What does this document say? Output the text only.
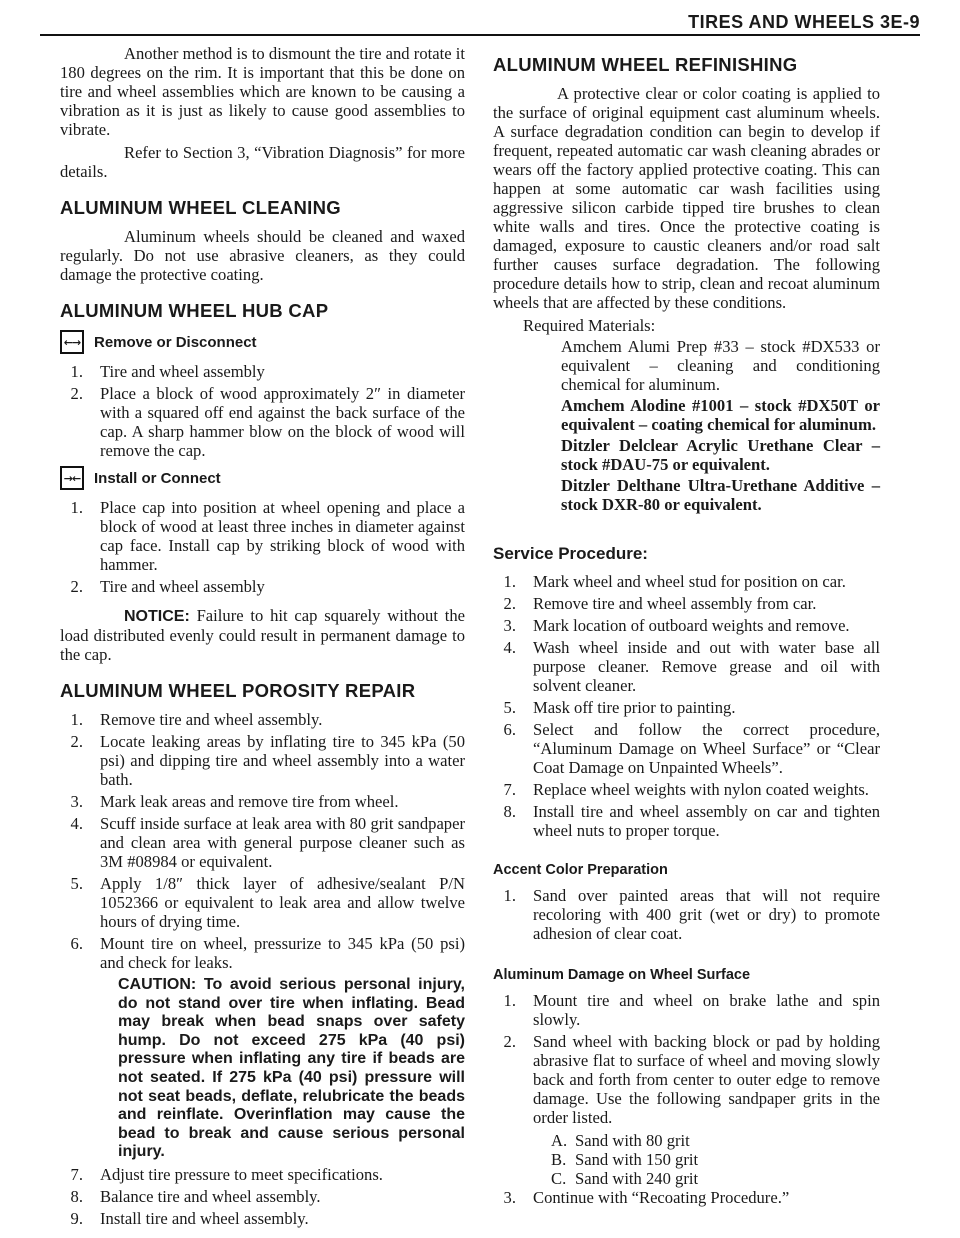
TIRES AND WHEELS 3E-9

Another method is to dismount the tire and rotate it 180 degrees on the rim. It is important that this be done on tire and wheel assemblies which are known to be causing a vibration as it is just as likely to cause good assemblies to vibrate.

Refer to Section 3, “Vibration Diagnosis” for more details.

ALUMINUM WHEEL CLEANING

Aluminum wheels should be cleaned and waxed regularly. Do not use abrasive cleaners, as they could damage the protective coating.

ALUMINUM WHEEL HUB CAP
←→ Remove or Disconnect
1.	Tire and wheel assembly
2.	Place a block of wood approximately 2″ in diameter with a squared off end against the back surface of the cap. A sharp hammer blow on the block of wood will remove the cap.
→← Install or Connect
1.	Place cap into position at wheel opening and place a block of wood at least three inches in diameter against cap face. Install cap by striking block of wood with hammer.
2.	Tire and wheel assembly

NOTICE: Failure to hit cap squarely without the load distributed evenly could result in permanent damage to the cap.

ALUMINUM WHEEL POROSITY REPAIR
1.	Remove tire and wheel assembly.
2.	Locate leaking areas by inflating tire to 345 kPa (50 psi) and dipping tire and wheel assembly into a water bath.
3.	Mark leak areas and remove tire from wheel.
4.	Scuff inside surface at leak area with 80 grit sandpaper and clean area with general purpose cleaner such as 3M #08984 or equivalent.
5.	Apply 1/8″ thick layer of adhesive/sealant P/N 1052366 or equivalent to leak area and allow twelve hours of drying time.
6.	Mount tire on wheel, pressurize to 345 kPa (50 psi) and check for leaks.
CAUTION: To avoid serious personal injury, do not stand over tire when inflating. Bead may break when bead snaps over safety hump. Do not exceed 275 kPa (40 psi) pressure when inflating any tire if beads are not seated. If 275 kPa (40 psi) pressure will not seat beads, deflate, relubricate the beads and reinflate. Overinflation may cause the bead to break and cause serious personal injury.
7.	Adjust tire pressure to meet specifications.
8.	Balance tire and wheel assembly.
9.	Install tire and wheel assembly.
ALUMINUM WHEEL REFINISHING

A protective clear or color coating is applied to the surface of original equipment cast aluminum wheels. A surface degradation condition can begin to develop if frequent, repeated automatic car wash cleaning abrades or wears off the factory applied protective coating. This can happen at some automatic car wash facilities using aggressive silicon carbide tipped tire brushes to clean white walls and tires. Once the protective coating is damaged, exposure to caustic cleaners and/or road salt further causes surface degradation. The following procedure details how to strip, clean and recoat aluminum wheels that are affected by these conditions.

Required Materials:
Amchem Alumi Prep #33 – stock #DX533 or equivalent – cleaning and conditioning chemical for aluminum.
Amchem Alodine #1001 – stock #DX50T or equivalent – coating chemical for aluminum.
Ditzler Delclear Acrylic Urethane Clear – stock #DAU-75 or equivalent.
Ditzler Delthane Ultra-Urethane Additive – stock DXR-80 or equivalent.
Service Procedure:
1.	Mark wheel and wheel stud for position on car.
2.	Remove tire and wheel assembly from car.
3.	Mark location of outboard weights and remove.
4.	Wash wheel inside and out with water base all purpose cleaner. Remove grease and oil with solvent cleaner.
5.	Mask off tire prior to painting.
6.	Select and follow the correct procedure, “Aluminum Damage on Wheel Surface” or “Clear Coat Damage on Unpainted Wheels”.
7.	Replace wheel weights with nylon coated weights.
8.	Install tire and wheel assembly on car and tighten wheel nuts to proper torque.
Accent Color Preparation
1.	Sand over painted areas that will not require recoloring with 400 grit (wet or dry) to promote adhesion of clear coat.
Aluminum Damage on Wheel Surface
1.	Mount tire and wheel on brake lathe and spin slowly.
2.	Sand wheel with backing block or pad by holding abrasive flat to surface of wheel and moving slowly back and forth from center to outer edge to remove damage. Use the following sandpaper grits in the order listed.
A. Sand with 80 grit
B. Sand with 150 grit
C. Sand with 240 grit
3.	Continue with “Recoating Procedure.”
